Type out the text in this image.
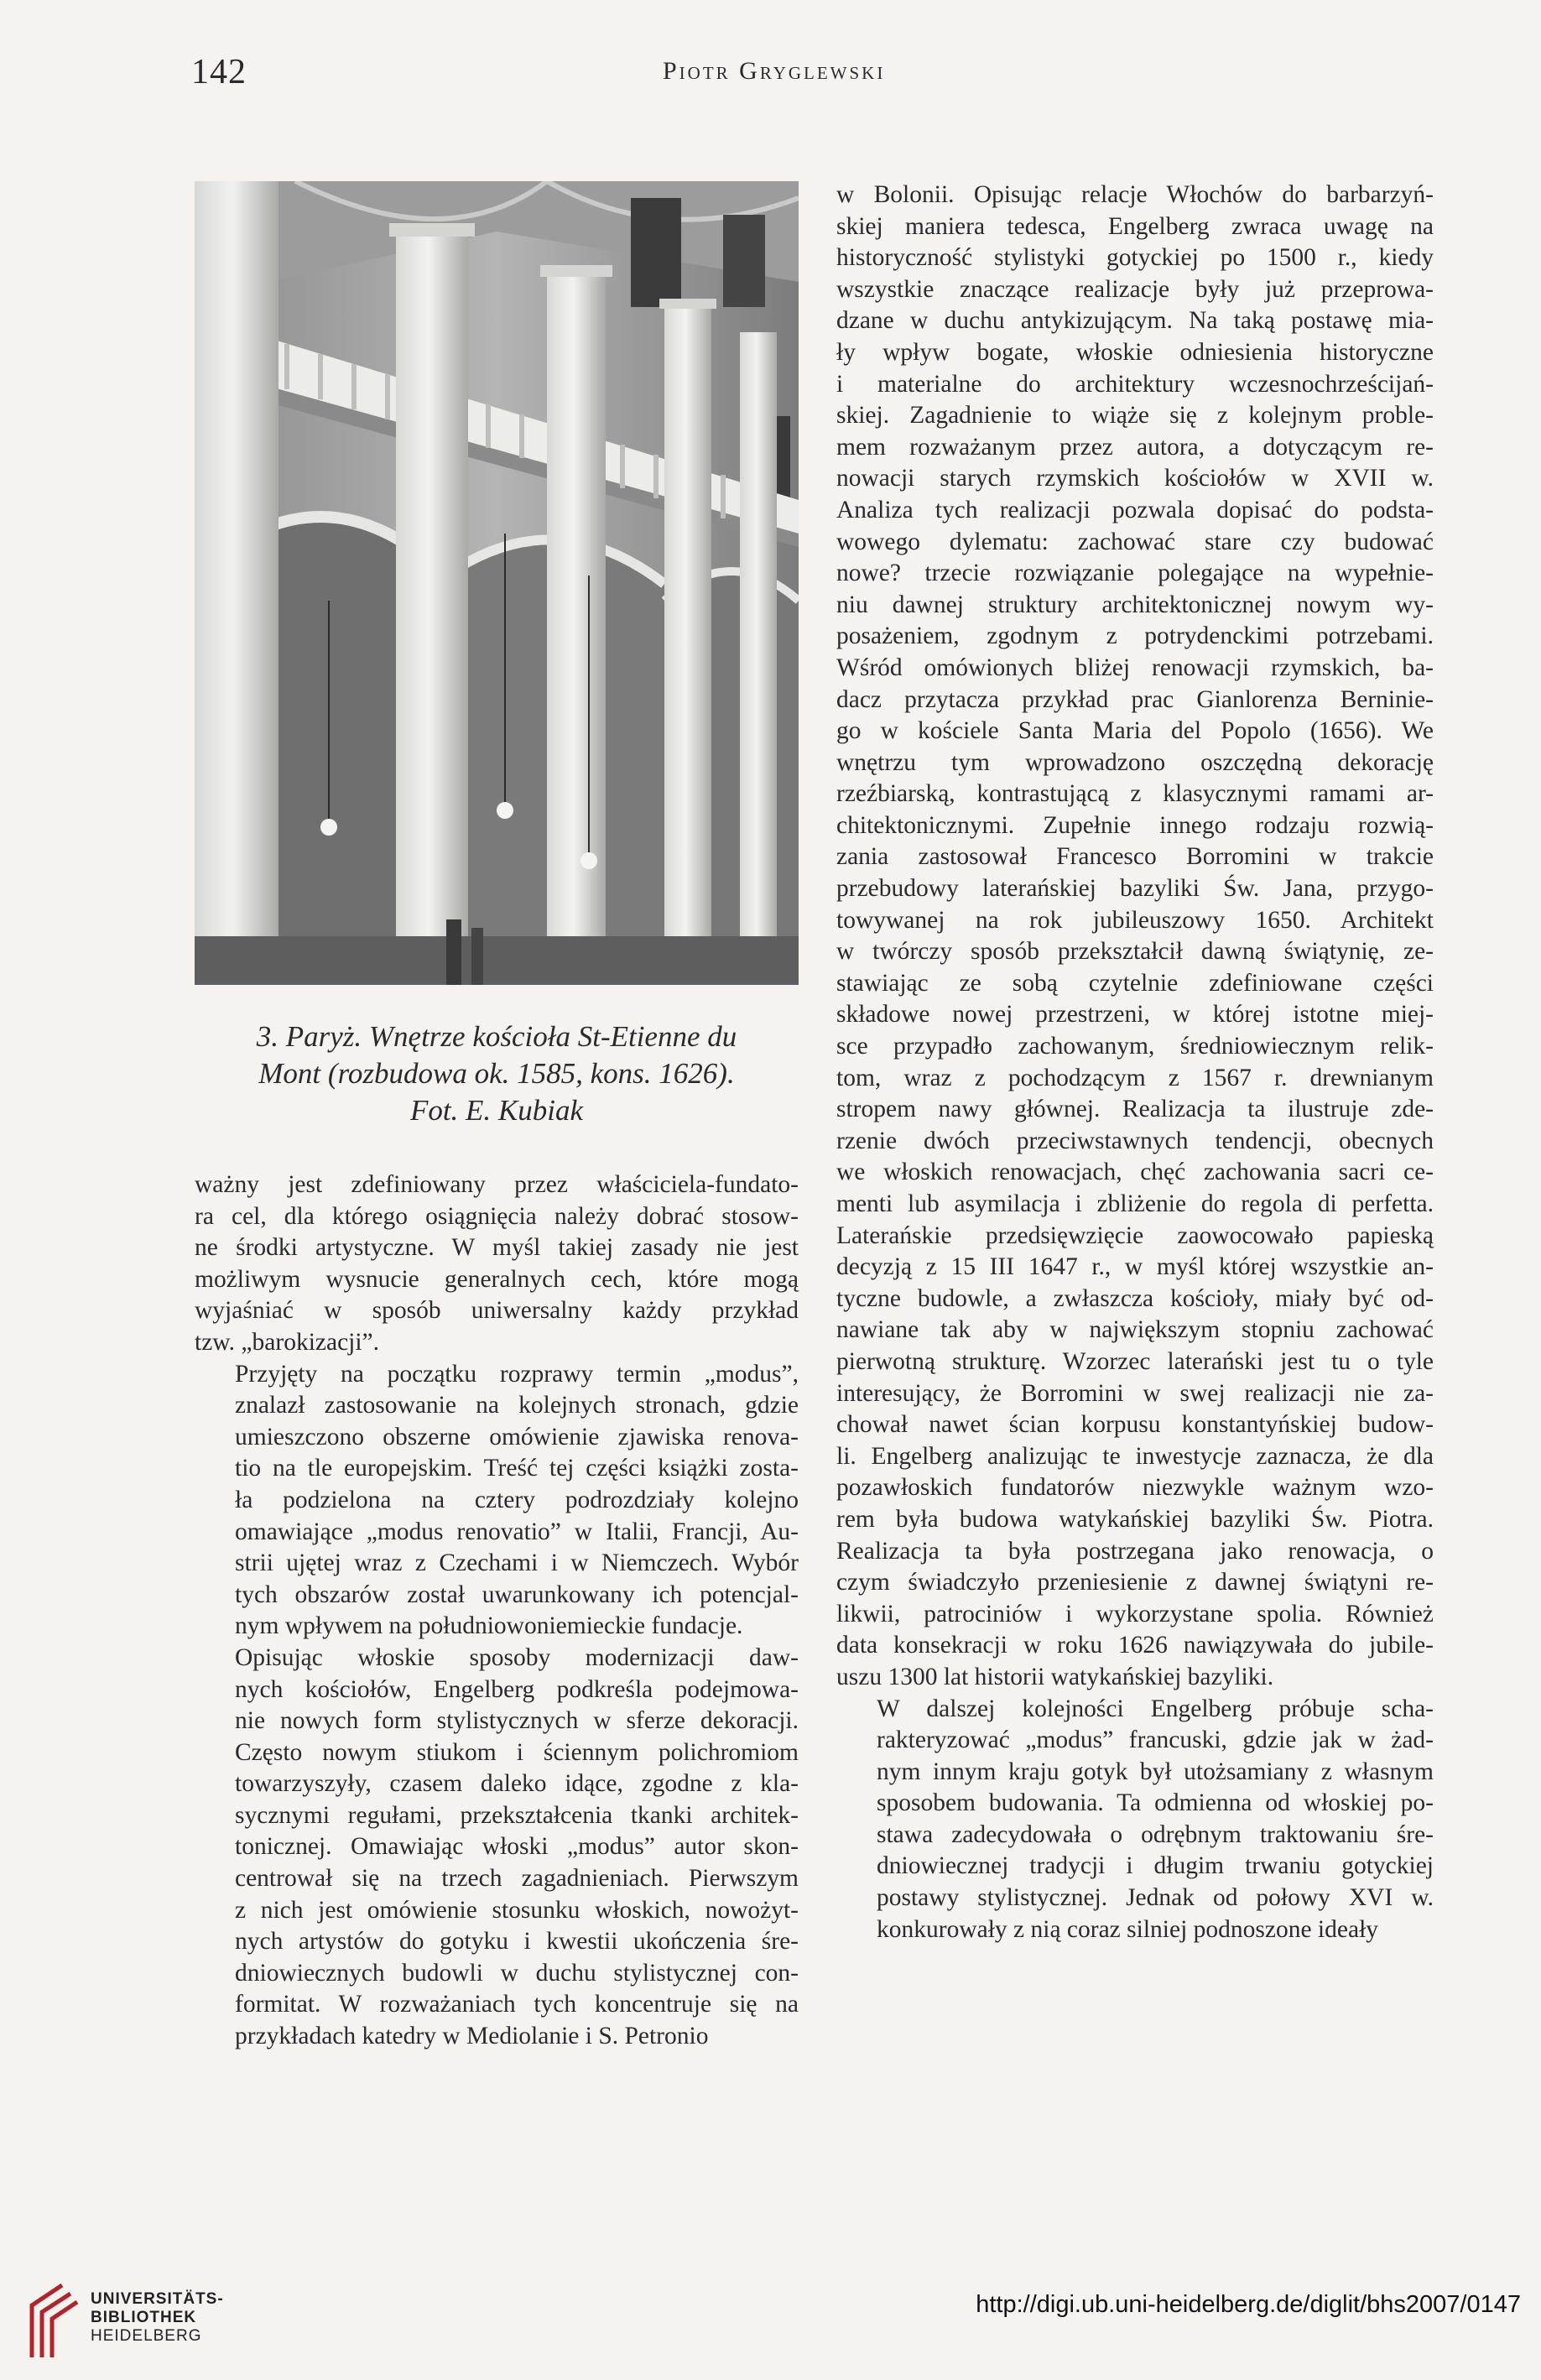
142	Piotr Gryglewski
3. Paryż. Wnętrze kościoła St-Etienne du
Mont (rozbudowa ok. 1585, kons. 1626).
Fot. E. Kubiak

ważny jest zdefiniowany przez właściciela-fundato-
ra cel, dla którego osiągnięcia należy dobrać stosow-
ne środki artystyczne. W myśl takiej zasady nie jest
możliwym wysnucie generalnych cech, które mogą
wyjaśniać w sposób uniwersalny każdy przykład
tzw. „barokizacji”.

Przyjęty na początku rozprawy termin „modus”,
znalazł zastosowanie na kolejnych stronach, gdzie
umieszczono obszerne omówienie zjawiska renova-
tio na tle europejskim. Treść tej części książki zosta-
ła podzielona na cztery podrozdziały kolejno
omawiające „modus renovatio” w Italii, Francji, Au-
strii ujętej wraz z Czechami i w Niemczech. Wybór
tych obszarów został uwarunkowany ich potencjal-
nym wpływem na południowoniemieckie fundacje.

Opisując włoskie sposoby modernizacji daw-
nych kościołów, Engelberg podkreśla podejmowa-
nie nowych form stylistycznych w sferze dekoracji.
Często nowym stiukom i ściennym polichromiom
towarzyszyły, czasem daleko idące, zgodne z kla-
sycznymi regułami, przekształcenia tkanki architek-
tonicznej. Omawiając włoski „modus” autor skon-
centrował się na trzech zagadnieniach. Pierwszym
z nich jest omówienie stosunku włoskich, nowożyt-
nych artystów do gotyku i kwestii ukończenia śre-
dniowiecznych budowli w duchu stylistycznej con-
formitat. W rozważaniach tych koncentruje się na
przykładach katedry w Mediolanie i S. Petronio

w Bolonii. Opisując relacje Włochów do barbarzyń-
skiej maniera tedesca, Engelberg zwraca uwagę na
historyczność stylistyki gotyckiej po 1500 r., kiedy
wszystkie znaczące realizacje były już przeprowa-
dzane w duchu antykizującym. Na taką postawę mia-
ły wpływ bogate, włoskie odniesienia historyczne
i materialne do architektury wczesnochrześcijań-
skiej. Zagadnienie to wiąże się z kolejnym proble-
mem rozważanym przez autora, a dotyczącym re-
nowacji starych rzymskich kościołów w XVII w.
Analiza tych realizacji pozwala dopisać do podsta-
wowego dylematu: zachować stare czy budować
nowe? trzecie rozwiązanie polegające na wypełnie-
niu dawnej struktury architektonicznej nowym wy-
posażeniem, zgodnym z potrydenckimi potrzebami.
Wśród omówionych bliżej renowacji rzymskich, ba-
dacz przytacza przykład prac Gianlorenza Berninie-
go w kościele Santa Maria del Popolo (1656). We
wnętrzu tym wprowadzono oszczędną dekorację
rzeźbiarską, kontrastującą z klasycznymi ramami ar-
chitektonicznymi. Zupełnie innego rodzaju rozwią-
zania zastosował Francesco Borromini w trakcie
przebudowy laterańskiej bazyliki Św. Jana, przygo-
towywanej na rok jubileuszowy 1650. Architekt
w twórczy sposób przekształcił dawną świątynię, ze-
stawiając ze sobą czytelnie zdefiniowane części
składowe nowej przestrzeni, w której istotne miej-
sce przypadło zachowanym, średniowiecznym relik-
tom, wraz z pochodzącym z 1567 r. drewnianym
stropem nawy głównej. Realizacja ta ilustruje zde-
rzenie dwóch przeciwstawnych tendencji, obecnych
we włoskich renowacjach, chęć zachowania sacri ce-
menti lub asymilacja i zbliżenie do regola di perfetta.
Laterańskie przedsięwzięcie zaowocowało papieską
decyzją z 15 III 1647 r., w myśl której wszystkie an-
tyczne budowle, a zwłaszcza kościoły, miały być od-
nawiane tak aby w największym stopniu zachować
pierwotną strukturę. Wzorzec laterański jest tu o tyle
interesujący, że Borromini w swej realizacji nie za-
chował nawet ścian korpusu konstantyńskiej budow-
li. Engelberg analizując te inwestycje zaznacza, że dla
pozawłoskich fundatorów niezwykle ważnym wzo-
rem była budowa watykańskiej bazyliki Św. Piotra.
Realizacja ta była postrzegana jako renowacja, o
czym świadczyło przeniesienie z dawnej świątyni re-
likwii, patrociniów i wykorzystane spolia. Również
data konsekracji w roku 1626 nawiązywała do jubile-
uszu 1300 lat historii watykańskiej bazyliki.

W dalszej kolejności Engelberg próbuje scha-
rakteryzować „modus” francuski, gdzie jak w żad-
nym innym kraju gotyk był utożsamiany z własnym
sposobem budowania. Ta odmienna od włoskiej po-
stawa zadecydowała o odrębnym traktowaniu śre-
dniowiecznej tradycji i długim trwaniu gotyckiej
postawy stylistycznej. Jednak od połowy XVI w.
konkurowały z nią coraz silniej podnoszone ideały

UNIVERSITÄTS-
BIBLIOTHEK
HEIDELBERG
http://digi.ub.uni-heidelberg.de/diglit/bhs2007/0147
